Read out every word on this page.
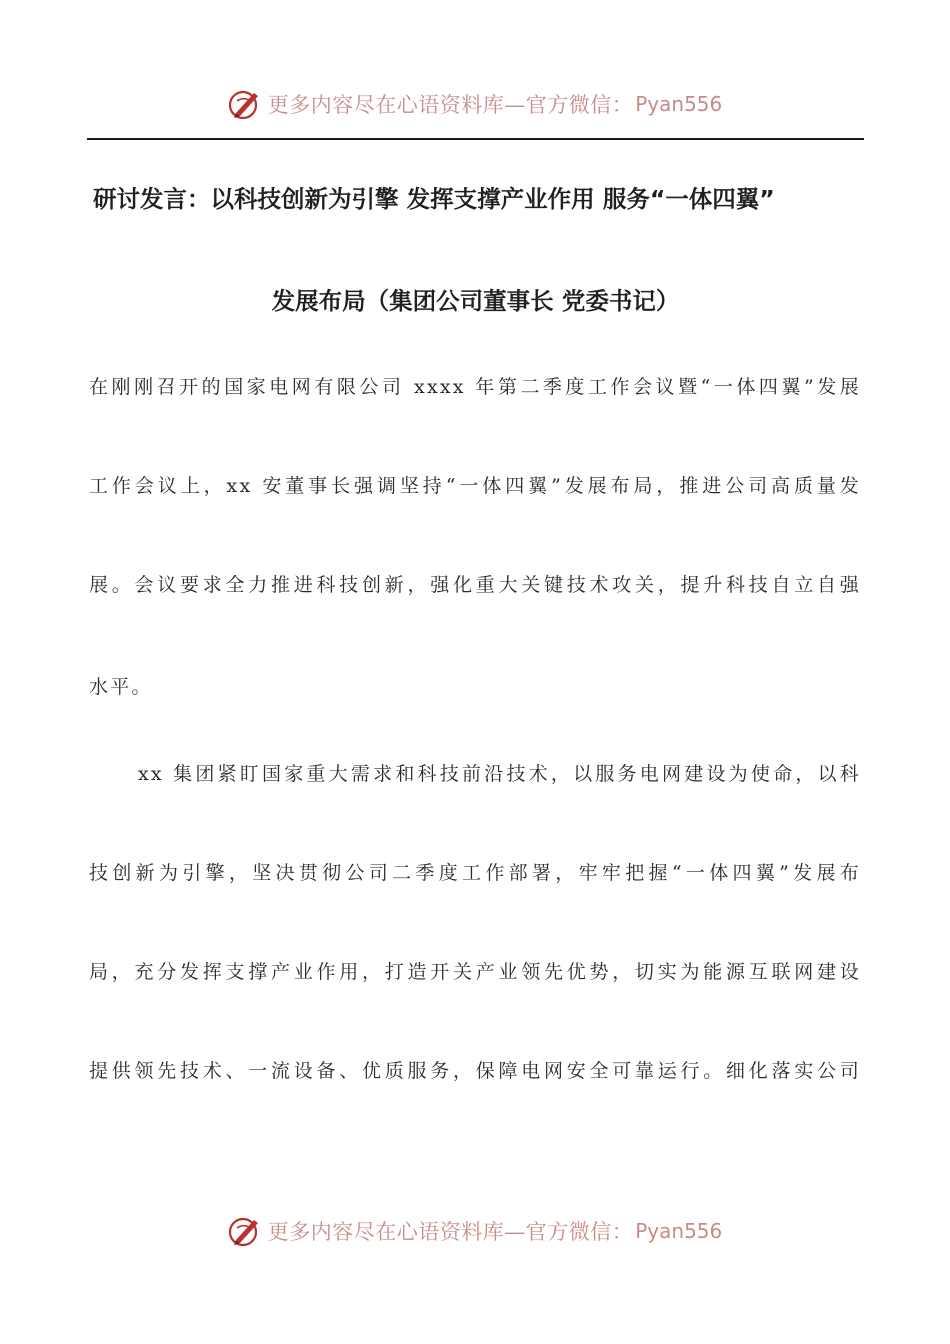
更多内容尽在心语资料库—官方微信： Pyan556
研讨发言：以科技创新为引擎 发挥支撑产业作用 服务“一体四翼”
发展布局（集团公司董事长 党委书记）
在刚刚召开的国家电网有限公司 xxxx 年第二季度工作会议暨“一体四翼”发展
工作会议上，xx 安董事长强调坚持“一体四翼”发展布局，推进公司高质量发
展。会议要求全力推进科技创新，强化重大关键技术攻关，提升科技自立自强
水平。
xx 集团紧盯国家重大需求和科技前沿技术，以服务电网建设为使命，以科
技创新为引擎，坚决贯彻公司二季度工作部署，牢牢把握“一体四翼”发展布
局，充分发挥支撑产业作用，打造开关产业领先优势，切实为能源互联网建设
提供领先技术、一流设备、优质服务，保障电网安全可靠运行。细化落实公司
更多内容尽在心语资料库—官方微信： Pyan556
